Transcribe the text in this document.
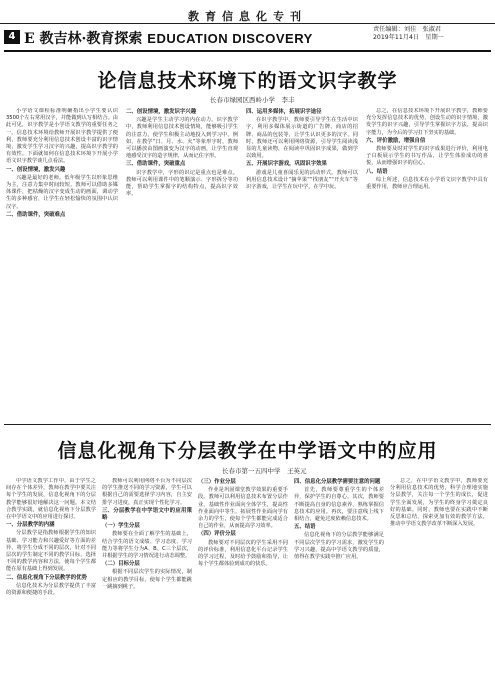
教育信息化专刊
4 E 教吉林·教育探索 EDUCATION DISCOVERY
责任编辑：刘佳　张淑君
2019年11月4日　星期一
论信息技术环境下的语文识字教学
长春市绿园区西岭小学　李丰

小学语文课程标准明确指出小学生要认识3500个左右常用汉字，并能做到认写相结合。由此可见，识字教学是小学语文教学的重要任务之一。信息技术环境给教师开展识字教学提供了便利，教师要充分利用信息技术创设丰富的识字情境，激发学生学习汉字的兴趣，提高识字教学的有效性。下面就如何在信息技术环境下开展小学语文识字教学谈几点看法。

一、创设情境，激发兴趣

兴趣是最好的老师。低年级学生以形象思维为主，注意力集中时间较短。教师可以借助多媒体课件，把枯燥的汉字变成生动的画面，调动学生的多种感官，让学生在轻松愉快的氛围中认识汉字。

二、借助课件，突破难点

二、创设情境，激发识字兴趣

兴趣是学生主动学习的内在动力。识字教学中，教师利用信息技术创设情境，能够吸引学生的注意力，使学生积极主动地投入到学习中。例如，在教学“日、月、水、火”等象形字时，教师可以播放由图画演变为汉字的动画，让学生直观地感受汉字的造字规律，从而记住字形。

三、借助课件，突破重点

识字教学中，字形的识记是重点也是难点。教师可以利用课件中的笔顺演示、字形拆分等功能，帮助学生掌握字的结构特点，提高识字效率。

四、运用多媒体，拓展识字途径

在识字教学中，教师要引导学生在生活中识字，利用多媒体展示街道的广告牌、商店的招牌、商品的包装等，让学生认识更多的汉字。同时，教师还可以利用网络资源，引导学生阅读浅显的儿童读物，在阅读中巩固识字成果，做到学以致用。

五、开展识字游戏，巩固识字效果

游戏是儿童喜闻乐见的活动形式。教师可以利用信息技术设计“摘苹果”“找朋友”“开火车”等识字游戏，让学生在玩中学，在学中玩。

总之，在信息技术环境下开展识字教学，教师要充分发挥信息技术的优势，创设生动的识字情境，激发学生的识字兴趣，引导学生掌握识字方法，提高识字能力，为今后的学习打下坚实的基础。

六、评价激励，增强自信

教师要及时对学生的识字成果进行评价，利用电子白板展示学生的书写作品，让学生体验成功的喜悦，从而增强识字的信心。

八、结语

综上所述，信息技术在小学语文识字教学中具有重要作用，教师应合理运用。

信息化视角下分层教学在中学语文中的应用
长春市第一五四中学　王英元

中学语文教学工作中，由于学生之间存在个体差异，教师在教学中要关注每个学生的发展，信息化视角下的分层教学能够很好地解决这一问题。本文结合教学实践，就信息化视角下分层教学在中学语文中的应用进行探讨。

一、分层教学的内涵

分层教学是指教师根据学生的知识基础、学习能力和兴趣爱好等方面的差异，将学生分成不同的层次，针对不同层次的学生制定不同的教学目标，选择不同的教学内容和方法，使每个学生都能在原有基础上得到发展。

二、信息化视角下分层教学的优势

信息化技术为分层教学提供了丰富的资源和便捷的手段。

教师可以利用网络平台为不同层次的学生推送不同的学习资源，学生可以根据自己的需要选择学习内容，自主安排学习进度，真正实现个性化学习。

三、分层教学在中学语文中的应用策略

（一）学生分层

教师要在全面了解学生的基础上，结合学生的语文成绩、学习态度、学习能力等将学生分为A、B、C三个层次，并根据学生的学习情况进行动态调整。

（二）目标分层

根据不同层次学生的实际情况，制定相应的教学目标，使每个学生都能跳一跳摘到桃子。

（三）作业分层

作业是巩固课堂教学效果的重要手段。教师可以利用信息技术布置分层作业，基础性作业面向全体学生，提高性作业面向中等生，拓展性作业面向学有余力的学生，使每个学生都能完成适合自己的作业，从而提高学习效率。

（四）评价分层

教师要对不同层次的学生采用不同的评价标准，利用信息化平台记录学生的学习过程，及时给予鼓励和指导，让每个学生都体验到成功的快乐。

四、信息化分层教学需要注意的问题

首先，教师要尊重学生的个体差异，保护学生的自尊心。其次，教师要不断提高自身的信息素养，熟练掌握信息技术的应用。再次，要注意线上线下相结合，避免过度依赖信息技术。

五、结语

信息化视角下的分层教学能够满足不同层次学生的学习需求，激发学生的学习兴趣，提高中学语文教学的质量，值得在教学实践中推广应用。

总之，在中学语文教学中，教师要充分利用信息技术的优势，科学合理地实施分层教学，关注每一个学生的成长，促进学生全面发展，为学生的终身学习奠定良好的基础。同时，教师也要在实践中不断反思和总结，探索更加有效的教学方法，推动中学语文教学改革不断深入发展。
